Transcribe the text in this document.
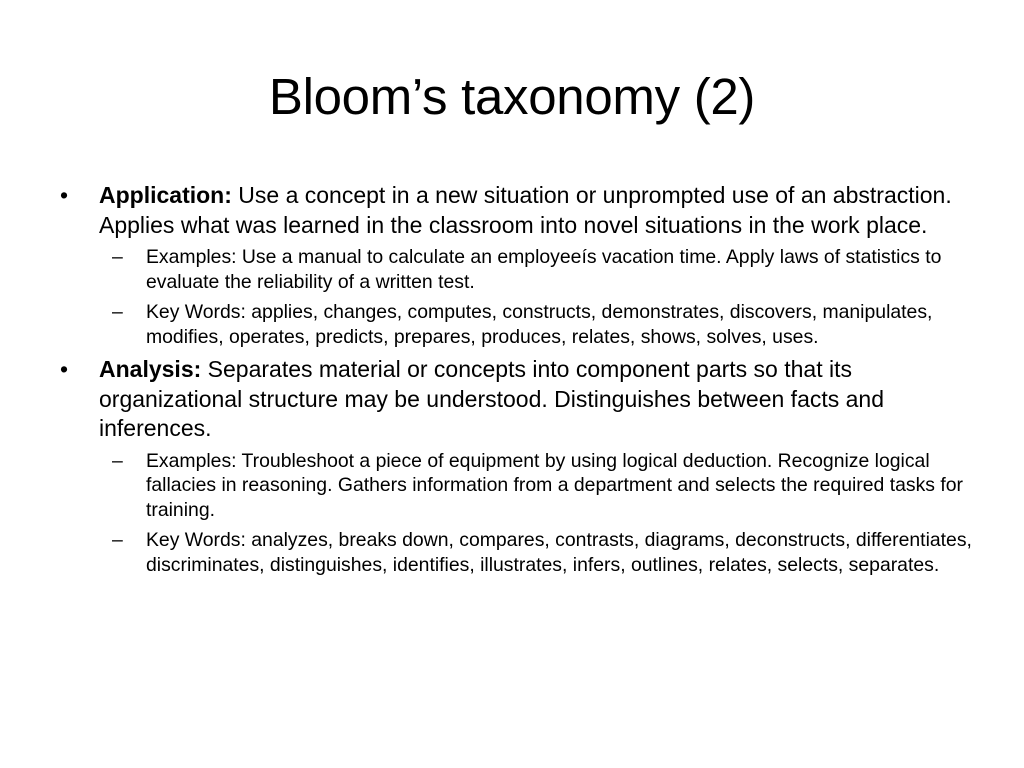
Bloom’s taxonomy (2)
• Application: Use a concept in a new situation or unprompted use of an abstraction. Applies what was learned in the classroom into novel situations in the work place.
– Examples: Use a manual to calculate an employeeís vacation time. Apply laws of statistics to evaluate the reliability of a written test.
– Key Words: applies, changes, computes, constructs, demonstrates, discovers, manipulates, modifies, operates, predicts, prepares, produces, relates, shows, solves, uses.
• Analysis: Separates material or concepts into component parts so that its organizational structure may be understood. Distinguishes between facts and inferences.
– Examples: Troubleshoot a piece of equipment by using logical deduction. Recognize logical fallacies in reasoning. Gathers information from a department and selects the required tasks for training.
– Key Words: analyzes, breaks down, compares, contrasts, diagrams, deconstructs, differentiates, discriminates, distinguishes, identifies, illustrates, infers, outlines, relates, selects, separates.
